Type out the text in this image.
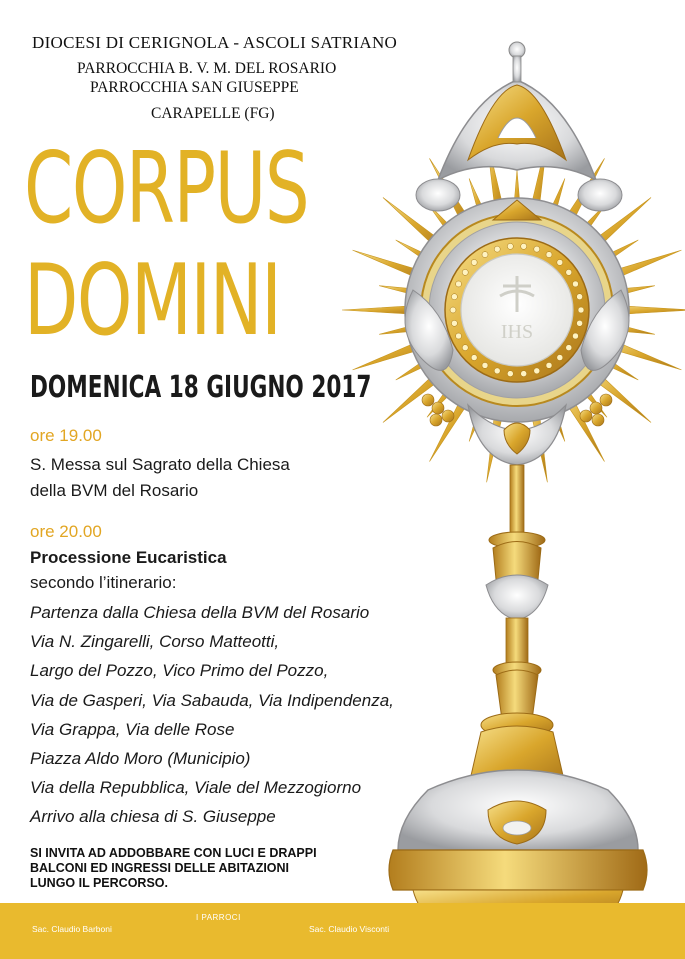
DIOCESI DI CERIGNOLA - ASCOLI SATRIANO
PARROCCHIA B. V. M. DEL ROSARIO
PARROCCHIA SAN GIUSEPPE
CARAPELLE (FG)
CORPUS
DOMINI
DOMENICA 18 GIUGNO 2017
ore 19.00
S. Messa sul Sagrato della Chiesa
della BVM del Rosario
ore 20.00
Processione Eucaristica
secondo l’itinerario:
Partenza dalla Chiesa della BVM del Rosario
Via N. Zingarelli, Corso Matteotti,
Largo del Pozzo, Vico Primo del Pozzo,
Via de Gasperi, Via Sabauda, Via Indipendenza,
Via Grappa, Via delle Rose
Piazza Aldo Moro (Municipio)
Via della Repubblica, Viale del Mezzogiorno
Arrivo alla chiesa di S. Giuseppe
SI INVITA AD ADDOBBARE CON LUCI E DRAPPI
BALCONI ED INGRESSI DELLE ABITAZIONI
LUNGO IL PERCORSO.
IHS
I PARROCI
Sac. Claudio Barboni	Sac. Claudio Visconti
